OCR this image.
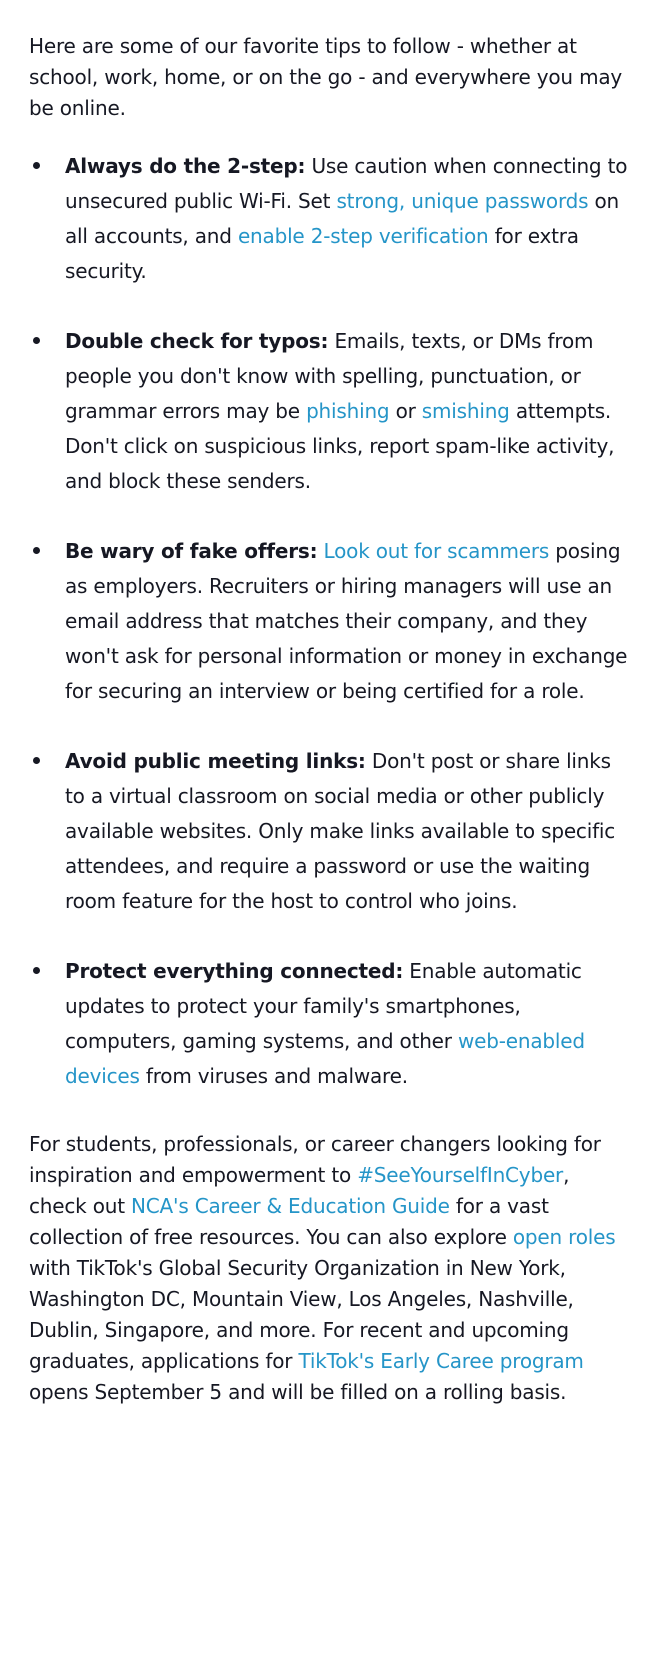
Here are some of our favorite tips to follow - whether at school, work, home, or on the go - and everywhere you may be online.

Always do the 2-step: Use caution when connecting to unsecured public Wi-Fi. Set strong, unique passwords on all accounts, and enable 2-step verification for extra security.
Double check for typos: Emails, texts, or DMs from people you don't know with spelling, punctuation, or grammar errors may be phishing or smishing attempts. Don't click on suspicious links, report spam-like activity, and block these senders.
Be wary of fake offers: Look out for scammers posing as employers. Recruiters or hiring managers will use an email address that matches their company, and they won't ask for personal information or money in exchange for securing an interview or being certified for a role.
Avoid public meeting links: Don't post or share links to a virtual classroom on social media or other publicly available websites. Only make links available to specific attendees, and require a password or use the waiting room feature for the host to control who joins.
Protect everything connected: Enable automatic updates to protect your family's smartphones, computers, gaming systems, and other web-enabled devices from viruses and malware.

For students, professionals, or career changers looking for inspiration and empowerment to #SeeYourselfInCyber, check out NCA's Career & Education Guide for a vast collection of free resources. You can also explore open roles with TikTok's Global Security Organization in New York, Washington DC, Mountain View, Los Angeles, Nashville, Dublin, Singapore, and more. For recent and upcoming graduates, applications for TikTok's Early Caree program opens September 5 and will be filled on a rolling basis.
